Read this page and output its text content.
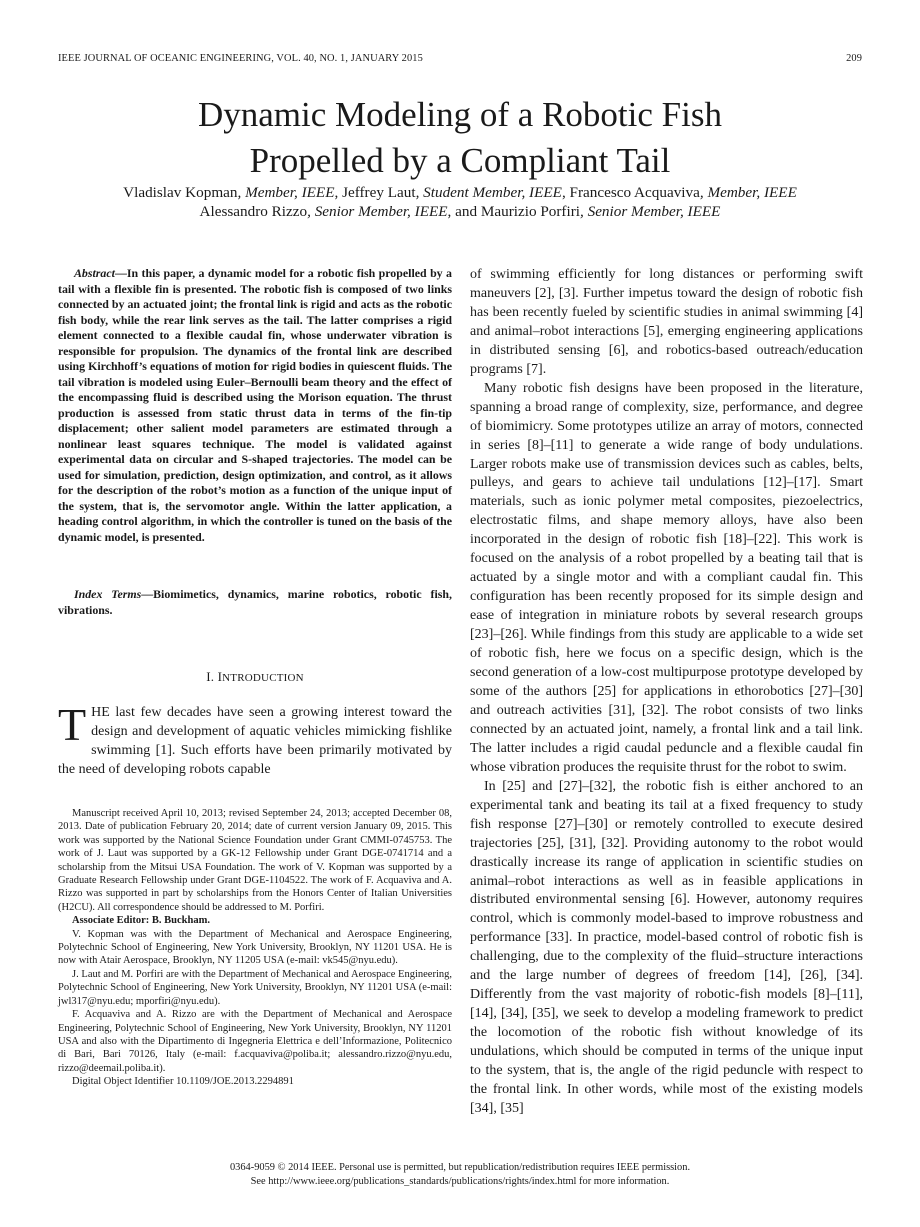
IEEE JOURNAL OF OCEANIC ENGINEERING, VOL. 40, NO. 1, JANUARY 2015	209
Dynamic Modeling of a Robotic Fish
Propelled by a Compliant Tail
Vladislav Kopman, Member, IEEE, Jeffrey Laut, Student Member, IEEE, Francesco Acquaviva, Member, IEEE
Alessandro Rizzo, Senior Member, IEEE, and Maurizio Porfiri, Senior Member, IEEE

Abstract—In this paper, a dynamic model for a robotic fish propelled by a tail with a flexible fin is presented. The robotic fish is composed of two links connected by an actuated joint; the frontal link is rigid and acts as the robotic fish body, while the rear link serves as the tail. The latter comprises a rigid element connected to a flexible caudal fin, whose underwater vibration is responsible for propulsion. The dynamics of the frontal link are described using Kirchhoff’s equations of motion for rigid bodies in quiescent fluids. The tail vibration is modeled using Euler–Bernoulli beam theory and the effect of the encompassing fluid is described using the Morison equation. The thrust production is assessed from static thrust data in terms of the fin-tip displacement; other salient model parameters are estimated through a nonlinear least squares technique. The model is validated against experimental data on circular and S-shaped trajectories. The model can be used for simulation, prediction, design optimization, and control, as it allows for the description of the robot’s motion as a function of the unique input of the system, that is, the servomotor angle. Within the latter application, a heading control algorithm, in which the controller is tuned on the basis of the dynamic model, is presented.

Index Terms—Biomimetics, dynamics, marine robotics, robotic fish, vibrations.

I. INTRODUCTION

THE last few decades have seen a growing interest toward the design and development of aquatic vehicles mimicking fishlike swimming [1]. Such efforts have been primarily motivated by the need of developing robots capable

Manuscript received April 10, 2013; revised September 24, 2013; accepted December 08, 2013. Date of publication February 20, 2014; date of current version January 09, 2015. This work was supported by the National Science Foundation under Grant CMMI-0745753. The work of J. Laut was supported by a GK-12 Fellowship under Grant DGE-0741714 and a scholarship from the Mitsui USA Foundation. The work of V. Kopman was supported by a Graduate Research Fellowship under Grant DGE-1104522. The work of F. Acquaviva and A. Rizzo was supported in part by scholarships from the Honors Center of Italian Universities (H2CU). All correspondence should be addressed to M. Porfiri.

Associate Editor: B. Buckham.

V. Kopman was with the Department of Mechanical and Aerospace Engineering, Polytechnic School of Engineering, New York University, Brooklyn, NY 11201 USA. He is now with Atair Aerospace, Brooklyn, NY 11205 USA (e-mail: vk545@nyu.edu).

J. Laut and M. Porfiri are with the Department of Mechanical and Aerospace Engineering, Polytechnic School of Engineering, New York University, Brooklyn, NY 11201 USA (e-mail: jwl317@nyu.edu; mporfiri@nyu.edu).

F. Acquaviva and A. Rizzo are with the Department of Mechanical and Aerospace Engineering, Polytechnic School of Engineering, New York University, Brooklyn, NY 11201 USA and also with the Dipartimento di Ingegneria Elettrica e dell’Informazione, Politecnico di Bari, Bari 70126, Italy (e-mail: f.acquaviva@poliba.it; alessandro.rizzo@nyu.edu, rizzo@deemail.poliba.it).

Digital Object Identifier 10.1109/JOE.2013.2294891

of swimming efficiently for long distances or performing swift maneuvers [2], [3]. Further impetus toward the design of robotic fish has been recently fueled by scientific studies in animal swimming [4] and animal–robot interactions [5], emerging engineering applications in distributed sensing [6], and robotics-based outreach/education programs [7].

Many robotic fish designs have been proposed in the literature, spanning a broad range of complexity, size, performance, and degree of biomimicry. Some prototypes utilize an array of motors, connected in series [8]–[11] to generate a wide range of body undulations. Larger robots make use of transmission devices such as cables, belts, pulleys, and gears to achieve tail undulations [12]–[17]. Smart materials, such as ionic polymer metal composites, piezoelectrics, electrostatic films, and shape memory alloys, have also been incorporated in the design of robotic fish [18]–[22]. This work is focused on the analysis of a robot propelled by a beating tail that is actuated by a single motor and with a compliant caudal fin. This configuration has been recently proposed for its simple design and ease of integration in miniature robots by several research groups [23]–[26]. While findings from this study are applicable to a wide set of robotic fish, here we focus on a specific design, which is the second generation of a low-cost multipurpose prototype developed by some of the authors [25] for applications in ethorobotics [27]–[30] and outreach activities [31], [32]. The robot consists of two links connected by an actuated joint, namely, a frontal link and a tail link. The latter includes a rigid caudal peduncle and a flexible caudal fin whose vibration produces the requisite thrust for the robot to swim.

In [25] and [27]–[32], the robotic fish is either anchored to an experimental tank and beating its tail at a fixed frequency to study fish response [27]–[30] or remotely controlled to execute desired trajectories [25], [31], [32]. Providing autonomy to the robot would drastically increase its range of application in scientific studies on animal–robot interactions as well as in feasible applications in distributed environmental sensing [6]. However, autonomy requires control, which is commonly model-based to improve robustness and performance [33]. In practice, model-based control of robotic fish is challenging, due to the complexity of the fluid–structure interactions and the large number of degrees of freedom [14], [26], [34]. Differently from the vast majority of robotic-fish models [8]–[11], [14], [34], [35], we seek to develop a modeling framework to predict the locomotion of the robotic fish without knowledge of its undulations, which should be computed in terms of the unique input to the system, that is, the angle of the rigid peduncle with respect to the frontal link. In other words, while most of the existing models [34], [35]

0364-9059 © 2014 IEEE. Personal use is permitted, but republication/redistribution requires IEEE permission.
See http://www.ieee.org/publications_standards/publications/rights/index.html for more information.
